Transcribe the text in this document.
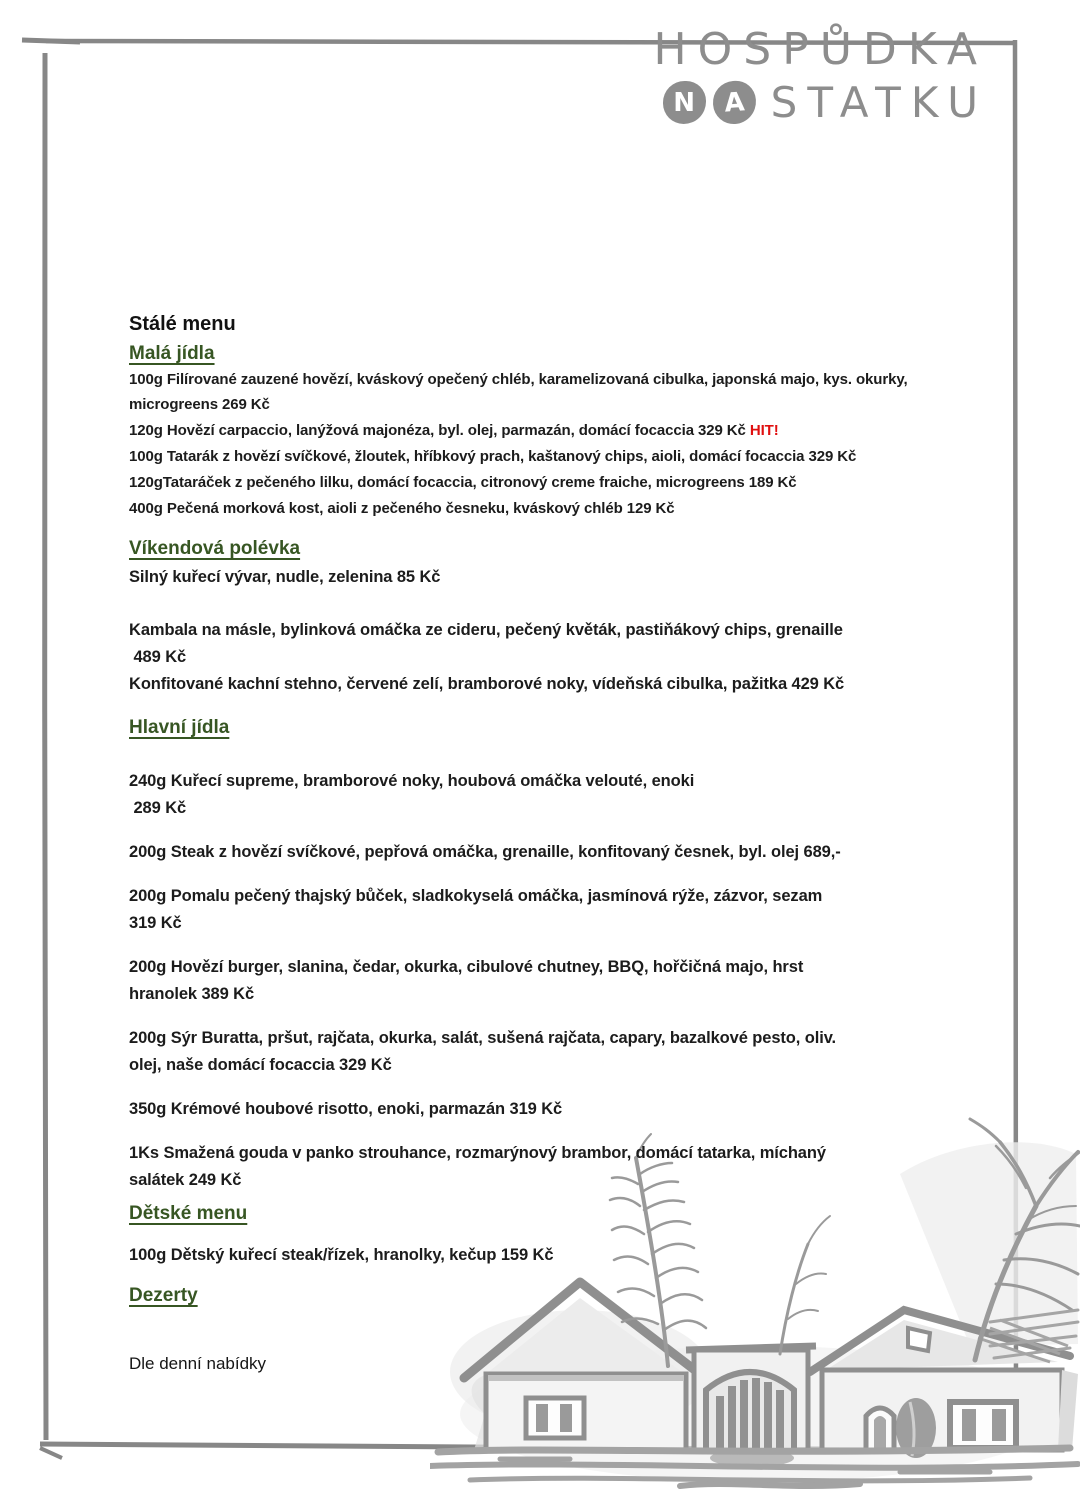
HOSPŮDKA
N	A STATKU
Stálé menu
Malá jídla

100g Filírované zauzené hovězí, kváskový opečený chléb, karamelizovaná cibulka, japonská majo, kys. okurky,
microgreens 269 Kč

120g Hovězí carpaccio, lanýžová majonéza, byl. olej, parmazán, domácí focaccia 329 Kč HIT!

100g Tatarák z hovězí svíčkové, žloutek, hříbkový prach, kaštanový chips, aioli, domácí focaccia 329 Kč

120gTataráček z pečeného lilku, domácí focaccia, citronový creme fraiche, microgreens 189 Kč

400g Pečená morková kost, aioli z pečeného česneku, kváskový chléb 129 Kč

Víkendová polévka

Silný kuřecí vývar, nudle, zelenina 85 Kč

Kambala na másle, bylinková omáčka ze cideru, pečený květák, pastiňákový chips, grenaille
489 Kč

Konfitované kachní stehno, červené zelí, bramborové noky, vídeňská cibulka, pažitka 429 Kč

Hlavní jídla

240g Kuřecí supreme, bramborové noky, houbová omáčka velouté, enoki
289 Kč

200g Steak z hovězí svíčkové, pepřová omáčka, grenaille, konfitovaný česnek, byl. olej 689,-

200g Pomalu pečený thajský bůček, sladkokyselá omáčka, jasmínová rýže, zázvor, sezam
319 Kč

200g Hovězí burger, slanina, čedar, okurka, cibulové chutney, BBQ, hořčičná majo, hrst
hranolek 389 Kč

200g Sýr Buratta, pršut, rajčata, okurka, salát, sušená rajčata, capary, bazalkové pesto, oliv.
olej, naše domácí focaccia 329 Kč

350g Krémové houbové risotto, enoki, parmazán 319 Kč

1Ks Smažená gouda v panko strouhance, rozmarýnový brambor, domácí tatarka, míchaný
salátek 249 Kč

Dětské menu

100g Dětský kuřecí steak/řízek, hranolky, kečup 159 Kč

Dezerty

Dle denní nabídky
